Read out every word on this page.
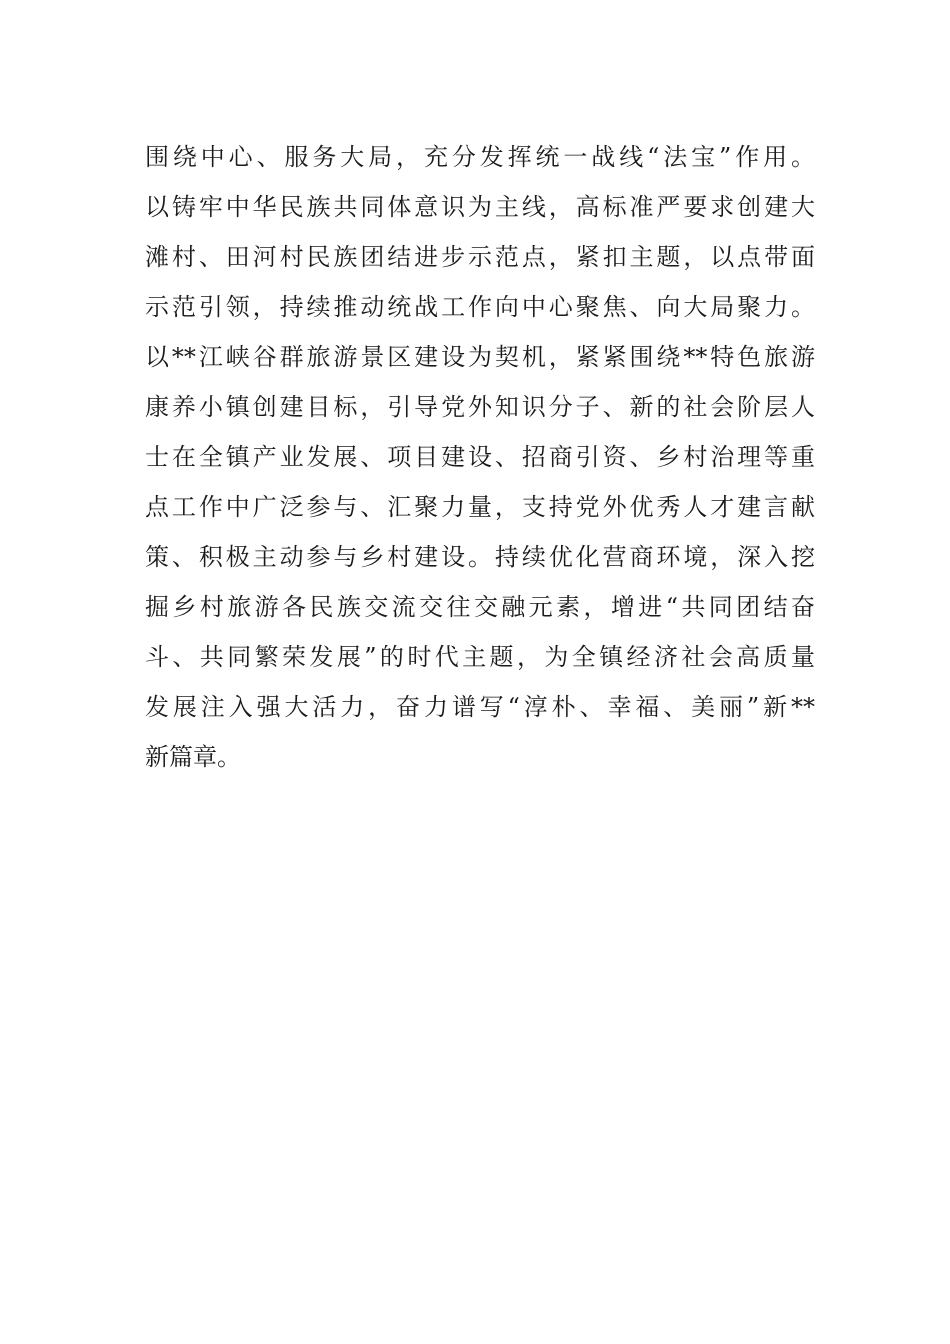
围绕中心、服务大局，充分发挥统一战线“法宝”作用。
以铸牢中华民族共同体意识为主线，高标准严要求创建大
滩村、田河村民族团结进步示范点，紧扣主题，以点带面
示范引领，持续推动统战工作向中心聚焦、向大局聚力。
以**江峡谷群旅游景区建设为契机，紧紧围绕**特色旅游
康养小镇创建目标，引导党外知识分子、新的社会阶层人
士在全镇产业发展、项目建设、招商引资、乡村治理等重
点工作中广泛参与、汇聚力量，支持党外优秀人才建言献
策、积极主动参与乡村建设。持续优化营商环境，深入挖
掘乡村旅游各民族交流交往交融元素，增进“共同团结奋
斗、共同繁荣发展”的时代主题，为全镇经济社会高质量
发展注入强大活力，奋力谱写“淳朴、幸福、美丽”新**
新篇章。
